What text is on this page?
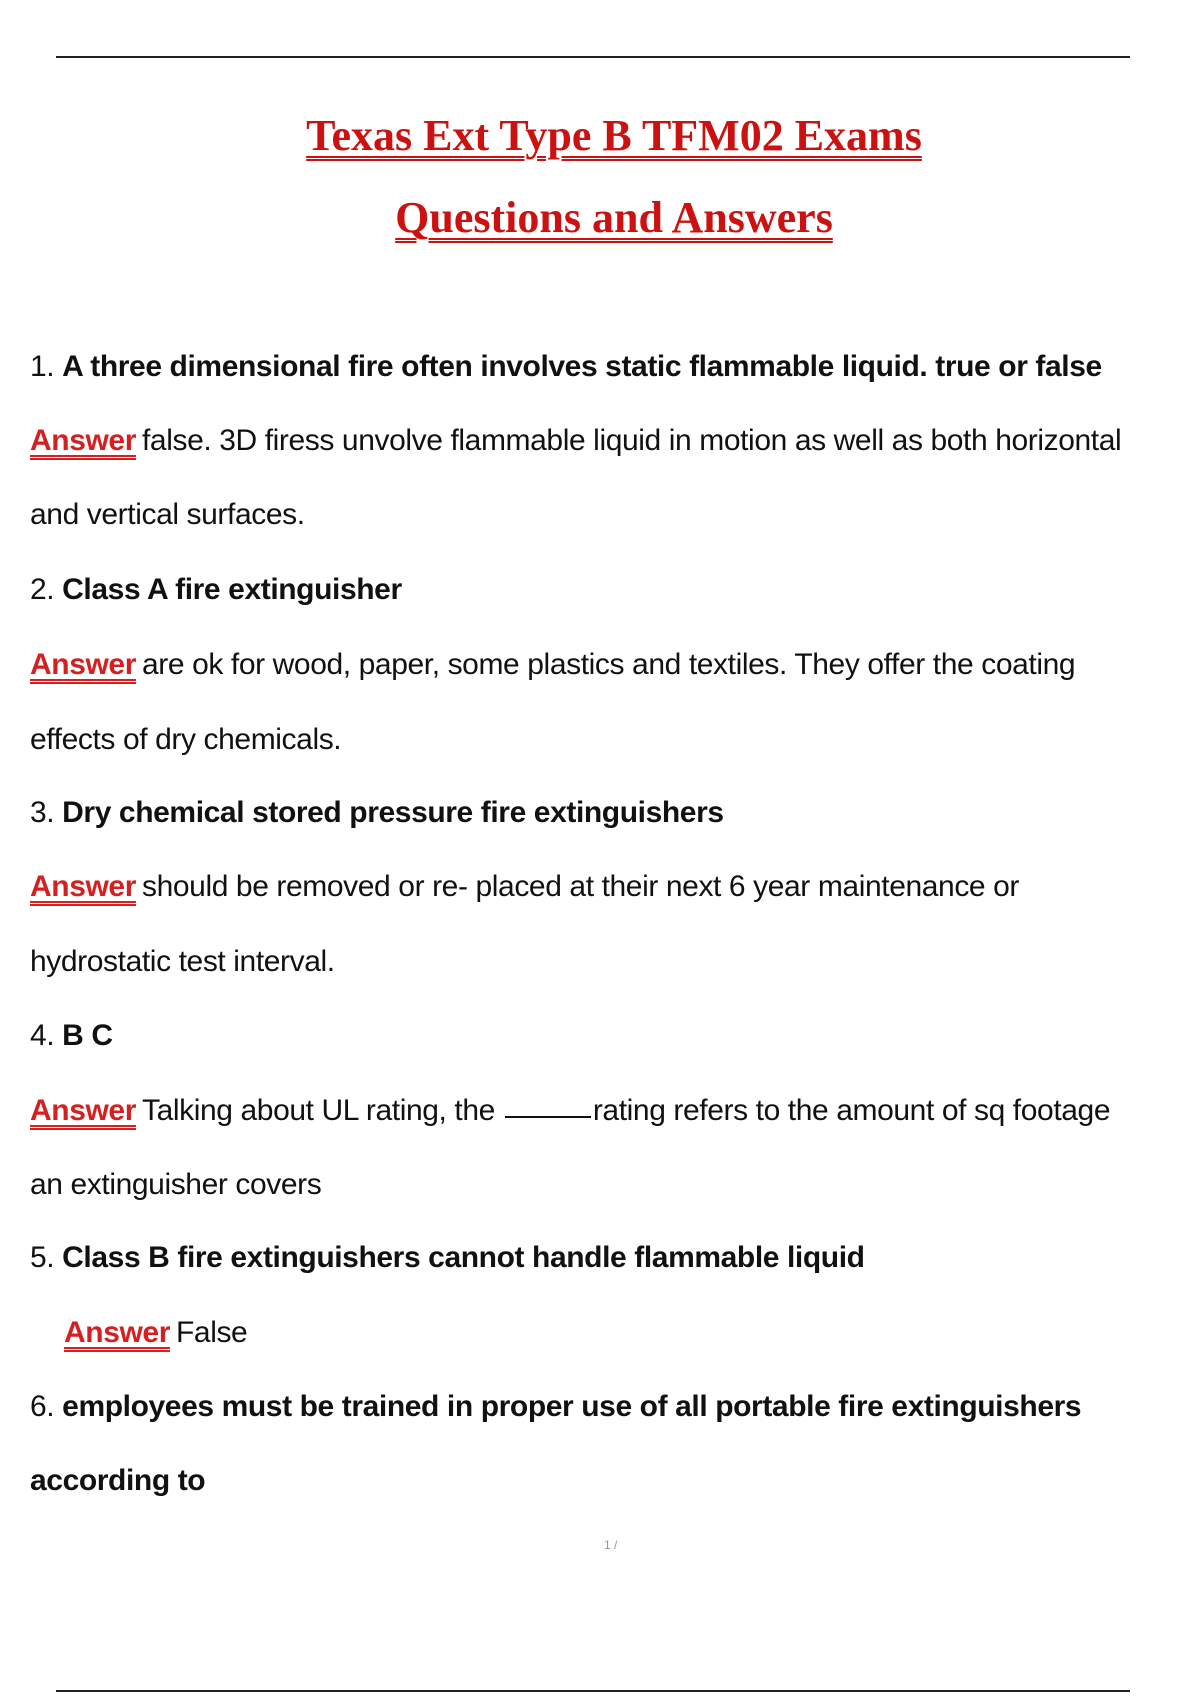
Texas Ext Type B TFM02 Exams
Questions and Answers
1. A three dimensional fire often involves static flammable liquid. true or false
Answer false. 3D firess unvolve flammable liquid in motion as well as both horizontal
and vertical surfaces.
2. Class A fire extinguisher
Answer are ok for wood, paper, some plastics and textiles. They offer the coating
effects of dry chemicals.
3. Dry chemical stored pressure fire extinguishers
Answer should be removed or re- placed at their next 6 year maintenance or
hydrostatic test interval.
4. B C
Answer Talking about UL rating, the	rating refers to the amount of sq footage
an extinguisher covers
5. Class B fire extinguishers cannot handle flammable liquid
Answer False
6. employees must be trained in proper use of all portable fire extinguishers
according to
1 /
